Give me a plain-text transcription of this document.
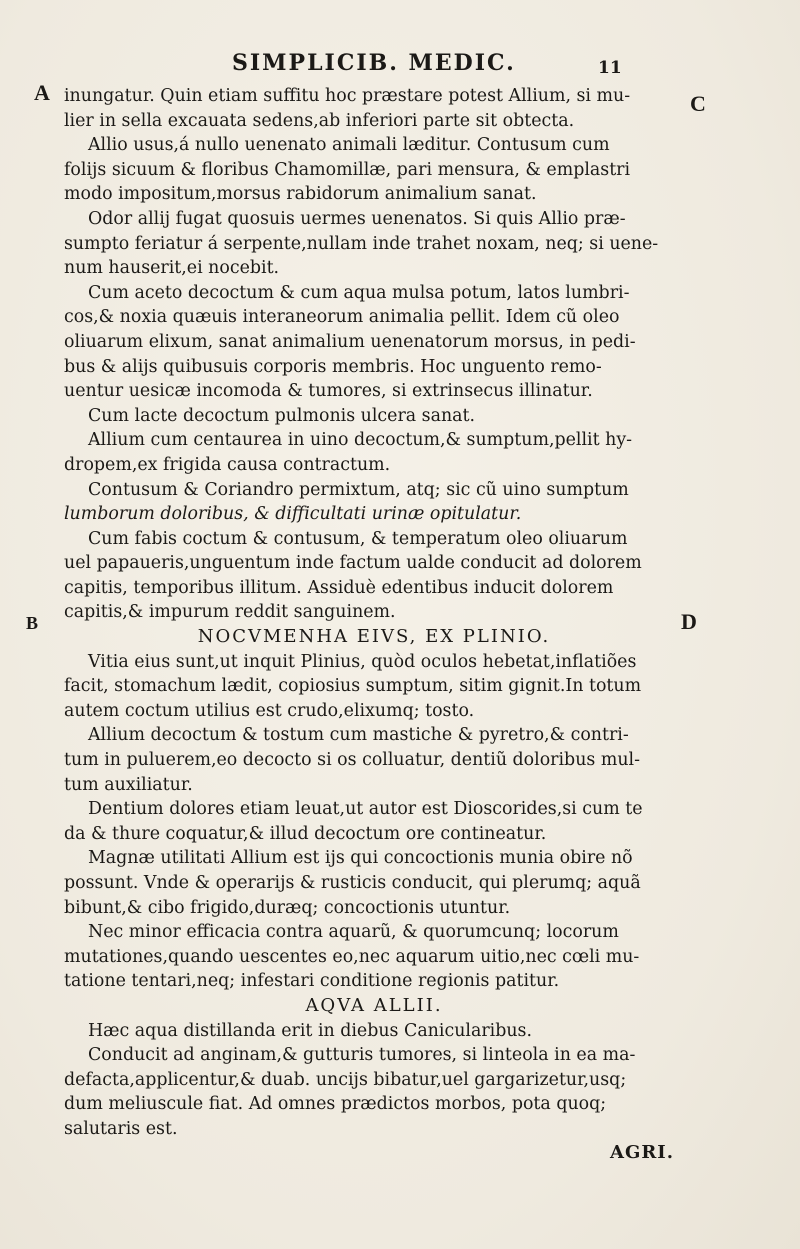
SIMPLICIB. MEDIC.	11
A	C
B	D
inungatur. Quin etiam suffitu hoc præstare potest Allium, si mu-
lier in sella excauata sedens,ab inferiori parte sit obtecta.
Allio usus,á nullo uenenato animali læditur. Contusum cum
folijs sicuum & floribus Chamomillæ, pari mensura, & emplastri
modo impositum,morsus rabidorum animalium sanat.
Odor allij fugat quosuis uermes uenenatos. Si quis Allio præ-
sumpto feriatur á serpente,nullam inde trahet noxam, neq; si uene-
num hauserit,ei nocebit.
Cum aceto decoctum & cum aqua mulsa potum, latos lumbri-
cos,& noxia quæuis interaneorum animalia pellit. Idem cũ oleo
oliuarum elixum, sanat animalium uenenatorum morsus, in pedi-
bus & alijs quibusuis corporis membris. Hoc unguento remo-
uentur uesicæ incomoda & tumores, si extrinsecus illinatur.
Cum lacte decoctum pulmonis ulcera sanat.
Allium cum centaurea in uino decoctum,& sumptum,pellit hy-
dropem,ex frigida causa contractum.
Contusum & Coriandro permixtum, atq; sic cũ uino sumptum
lumborum doloribus, & difficultati urinæ opitulatur.
Cum fabis coctum & contusum, & temperatum oleo oliuarum
uel papaueris,unguentum inde factum ualde conducit ad dolorem
capitis, temporibus illitum. Assiduè edentibus inducit dolorem
capitis,& impurum reddit sanguinem.
NOCVMENHA EIVS, EX PLINIO.
Vitia eius sunt,ut inquit Plinius, quòd oculos hebetat,inflatiões
facit, stomachum lædit, copiosius sumptum, sitim gignit.In totum
autem coctum utilius est crudo,elixumq; tosto.
Allium decoctum & tostum cum mastiche & pyretro,& contri-
tum in puluerem,eo decocto si os colluatur, dentiũ doloribus mul-
tum auxiliatur.
Dentium dolores etiam leuat,ut autor est Dioscorides,si cum te
da & thure coquatur,& illud decoctum ore contineatur.
Magnæ utilitati Allium est ijs qui concoctionis munia obire nõ
possunt. Vnde & operarijs & rusticis conducit, qui plerumq; aquã
bibunt,& cibo frigido,duræq; concoctionis utuntur.
Nec minor efficacia contra aquarũ, & quorumcunq; locorum
mutationes,quando uescentes eo,nec aquarum uitio,nec cœli mu-
tatione tentari,neq; infestari conditione regionis patitur.
AQVA ALLII.
Hæc aqua distillanda erit in diebus Canicularibus.
Conducit ad anginam,& gutturis tumores, si linteola in ea ma-
defacta,applicentur,& duab. uncijs bibatur,uel gargarizetur,usq;
dum meliuscule fiat. Ad omnes prædictos morbos, pota quoq;
salutaris est.
AGRI.
